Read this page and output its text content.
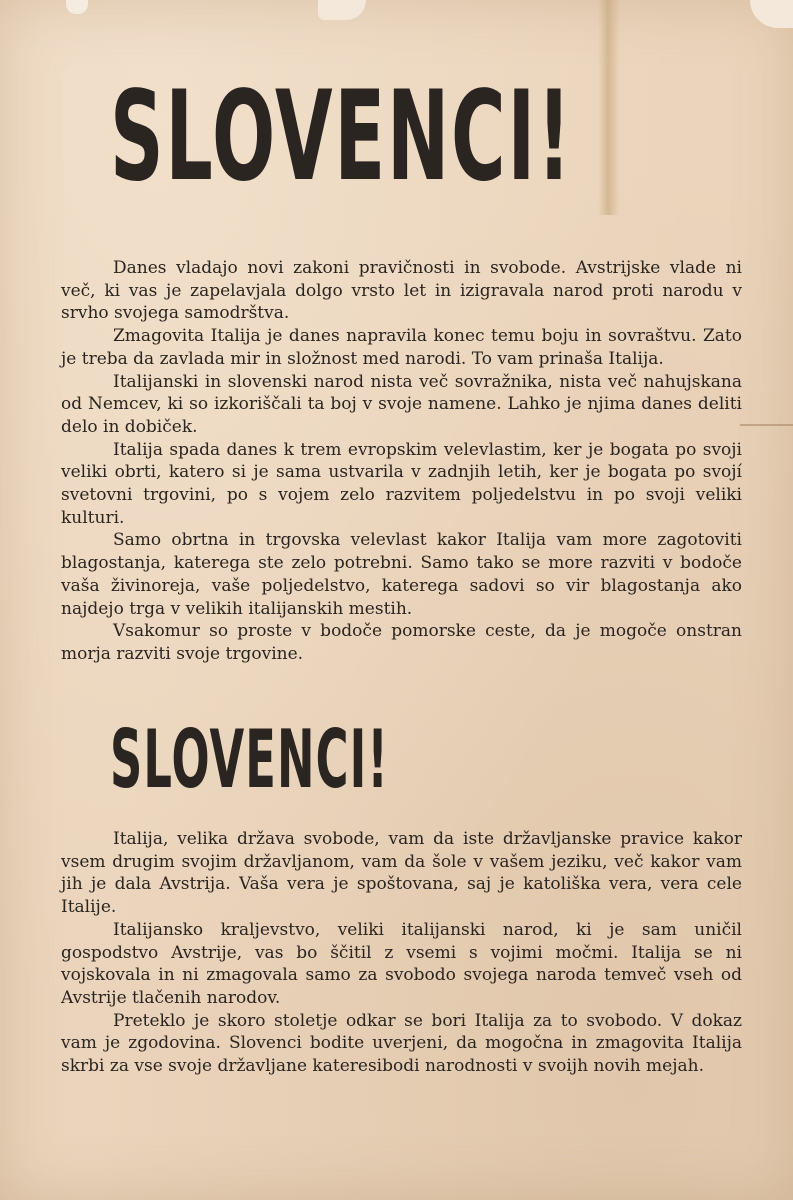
SLOVENCI!

Danes vladajo novi zakoni pravičnosti in svobode. Avstrijske vlade ni več, ki vas je zapelavjala dolgo vrsto let in izigravala narod proti narodu v srvho svojega samodrštva.

Zmagovita Italija je danes napravila konec temu boju in sovraštvu. Zato je treba da zavlada mir in složnost med narodi. To vam prinaša Italija.

Italijanski in slovenski narod nista več sovražnika, nista več nahujskana od Nemcev, ki so izkoriščali ta boj v svoje namene. Lahko je njima danes deliti delo in dobiček.

Italija spada danes k trem evropskim velevlastim, ker je bogata po svoji veliki obrti, katero si je sama ustvarila v zadnjih letih, ker je bogata po svojí svetovni trgovini, po s vojem zelo razvitem poljedelstvu in po svoji veliki kulturi.

Samo obrtna in trgovska velevlast kakor Italija vam more zagotoviti blagostanja, katerega ste zelo potrebni. Samo tako se more razviti v bodoče vaša živinoreja, vaše poljedelstvo, katerega sadovi so vir blagostanja ako najdejo trga v velikih italijanskih mestih.

Vsakomur so proste v bodoče pomorske ceste, da je mogoče onstran morja razviti svoje trgovine.

SLOVENCI!

Italija, velika država svobode, vam da iste državljanske pravice kakor vsem drugim svojim državljanom, vam da šole v vašem jeziku, več kakor vam jih je dala Avstrija. Vaša vera je spoštovana, saj je katoliška vera, vera cele Italije.

Italijansko kraljevstvo, veliki italijanski narod, ki je sam uničil gospodstvo Avstrije, vas bo ščitil z vsemi s vojimi močmi. Italija se ni vojskovala in ni zmagovala samo za svobodo svojega naroda temveč vseh od Avstrije tlačenih narodov.

Preteklo je skoro stoletje odkar se bori Italija za to svobodo. V dokaz vam je zgodovina. Slovenci bodite uverjeni, da mogočna in zmagovita Italija skrbi za vse svoje državljane kateresibodi narodnosti v svoijh novih mejah.
